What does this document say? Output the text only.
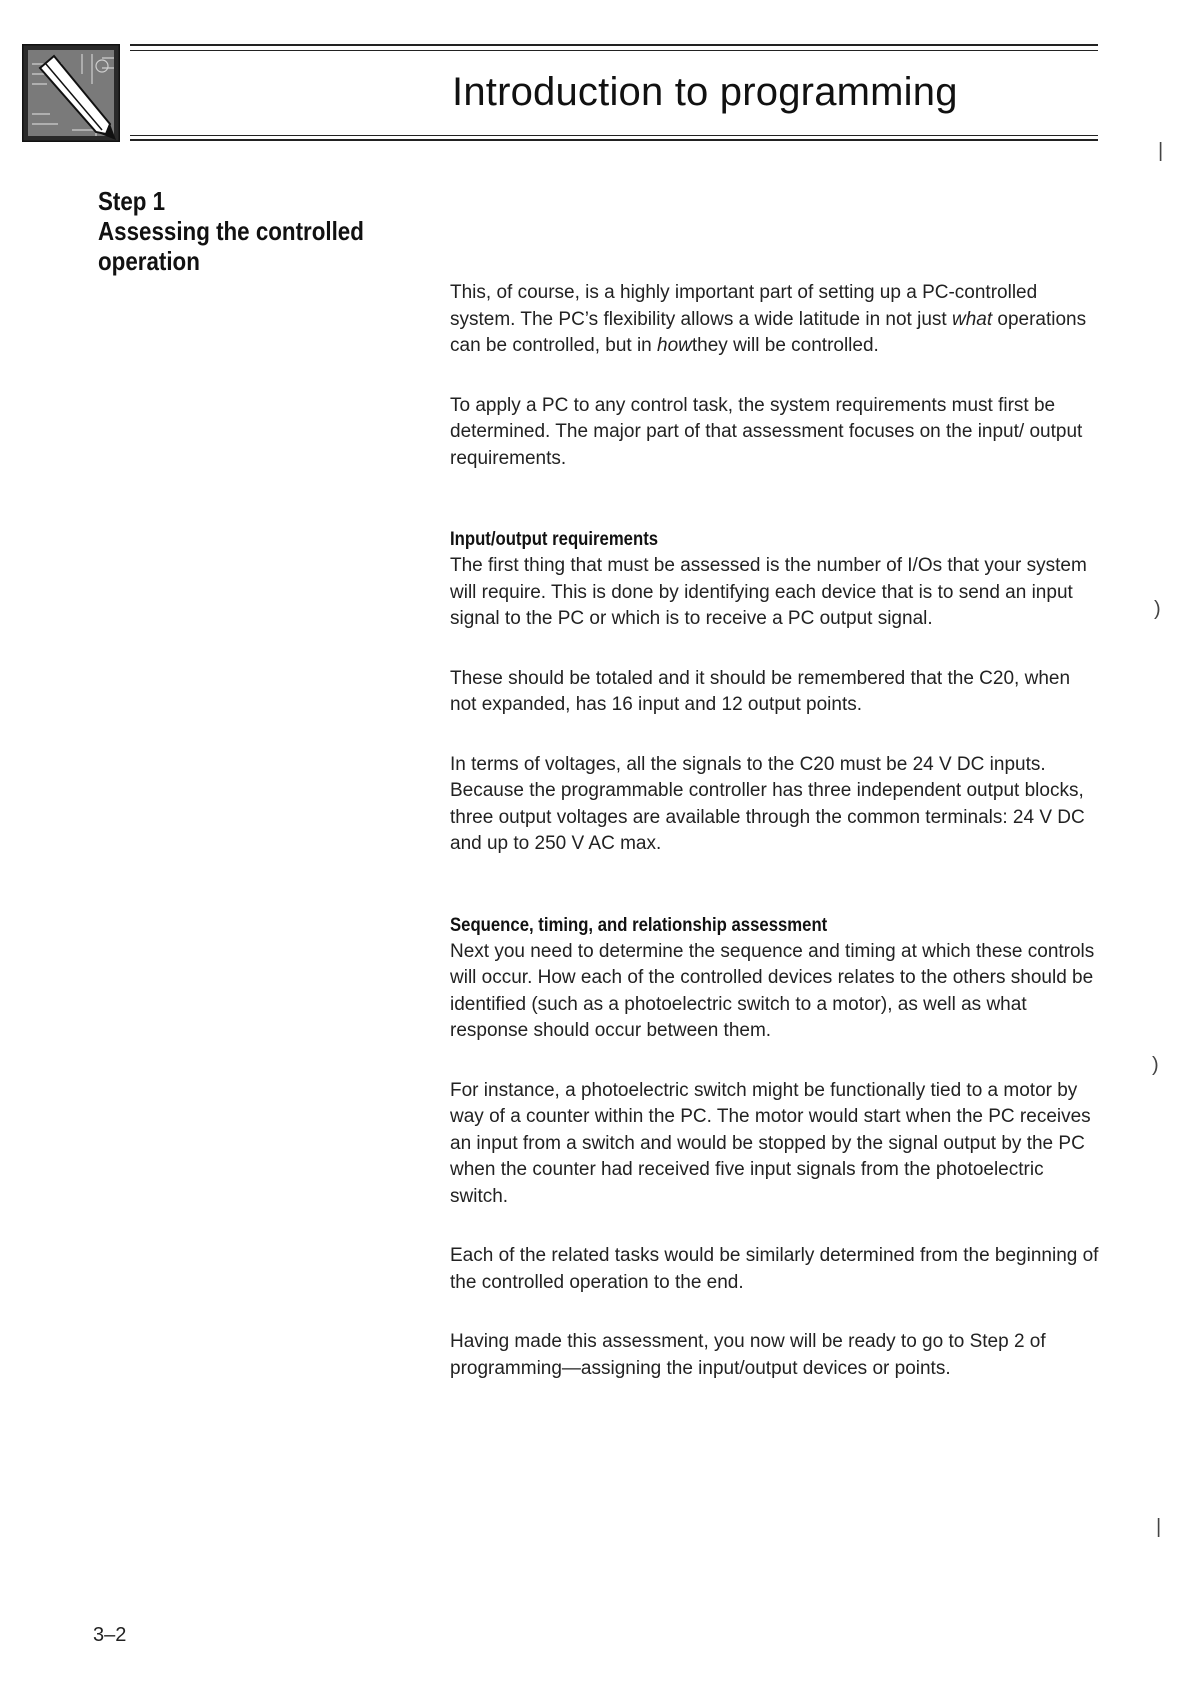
Introduction to programming
Step 1
Assessing the controlled
operation

This, of course, is a highly important part of setting up a PC-controlled system. The PC’s flexibility allows a wide latitude in not just what operations can be controlled, but in howthey will be controlled.

To apply a PC to any control task, the system requirements must first be determined. The major part of that assessment focuses on the input/ output requirements.

Input/output requirements

The first thing that must be assessed is the number of I/Os that your system will require. This is done by identifying each device that is to send an input signal to the PC or which is to receive a PC output signal.

These should be totaled and it should be remembered that the C20, when not expanded, has 16 input and 12 output points.

In terms of voltages, all the signals to the C20 must be 24 V DC inputs. Because the programmable controller has three independent output blocks, three output voltages are available through the common terminals: 24 V DC and up to 250 V AC max.

Sequence, timing, and relationship assessment

Next you need to determine the sequence and timing at which these controls will occur. How each of the controlled devices relates to the others should be identified (such as a photoelectric switch to a motor), as well as what response should occur between them.

For instance, a photoelectric switch might be functionally tied to a motor by way of a counter within the PC. The motor would start when the PC receives an input from a switch and would be stopped by the signal output by the PC when the counter had received five input signals from the photoelectric switch.

Each of the related tasks would be similarly determined from the beginning of the controlled operation to the end.

Having made this assessment, you now will be ready to go to Step 2 of programming—assigning the input/output devices or points.

|
)
)
|
3–2
